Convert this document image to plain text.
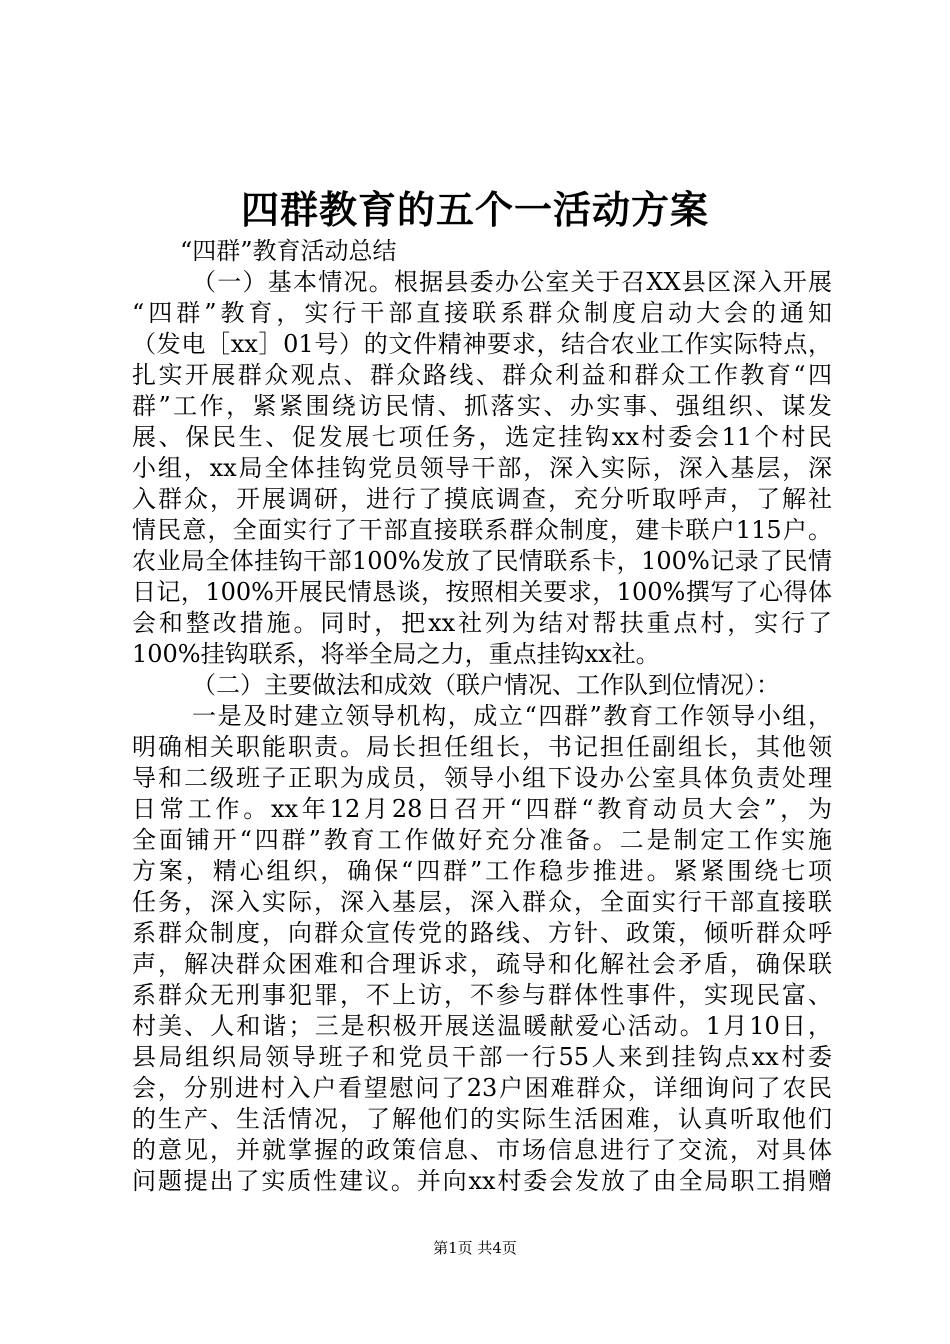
四群教育的五个一活动方案
“四群”教育活动总结
（一）基本情况。根据县委办公室关于召XX县区深入开展
“四群”教育，实行干部直接联系群众制度启动大会的通知
（发电［xx］01号）的文件精神要求，结合农业工作实际特点，
扎实开展群众观点、群众路线、群众利益和群众工作教育“四
群”工作，紧紧围绕访民情、抓落实、办实事、强组织、谋发
展、保民生、促发展七项任务，选定挂钩xx村委会11个村民
小组，xx局全体挂钩党员领导干部，深入实际，深入基层，深
入群众，开展调研，进行了摸底调查，充分听取呼声，了解社
情民意，全面实行了干部直接联系群众制度，建卡联户115户。
农业局全体挂钩干部100%发放了民情联系卡，100%记录了民情
日记，100%开展民情恳谈，按照相关要求，100%撰写了心得体
会和整改措施。同时，把xx社列为结对帮扶重点村，实行了
100%挂钩联系，将举全局之力，重点挂钩xx社。
（二）主要做法和成效（联户情况、工作队到位情况）：
一是及时建立领导机构，成立“四群”教育工作领导小组，
明确相关职能职责。局长担任组长，书记担任副组长，其他领
导和二级班子正职为成员，领导小组下设办公室具体负责处理
日常工作。xx年12月28日召开“四群“教育动员大会”，为
全面铺开“四群”教育工作做好充分准备。二是制定工作实施
方案，精心组织，确保“四群”工作稳步推进。紧紧围绕七项
任务，深入实际，深入基层，深入群众，全面实行干部直接联
系群众制度，向群众宣传党的路线、方针、政策，倾听群众呼
声，解决群众困难和合理诉求，疏导和化解社会矛盾，确保联
系群众无刑事犯罪，不上访，不参与群体性事件，实现民富、
村美、人和谐；三是积极开展送温暖献爱心活动。1月10日，
县局组织局领导班子和党员干部一行55人来到挂钩点xx村委
会，分别进村入户看望慰问了23户困难群众，详细询问了农民
的生产、生活情况，了解他们的实际生活困难，认真听取他们
的意见，并就掌握的政策信息、市场信息进行了交流，对具体
问题提出了实质性建议。并向xx村委会发放了由全局职工捐赠
第1页 共4页
